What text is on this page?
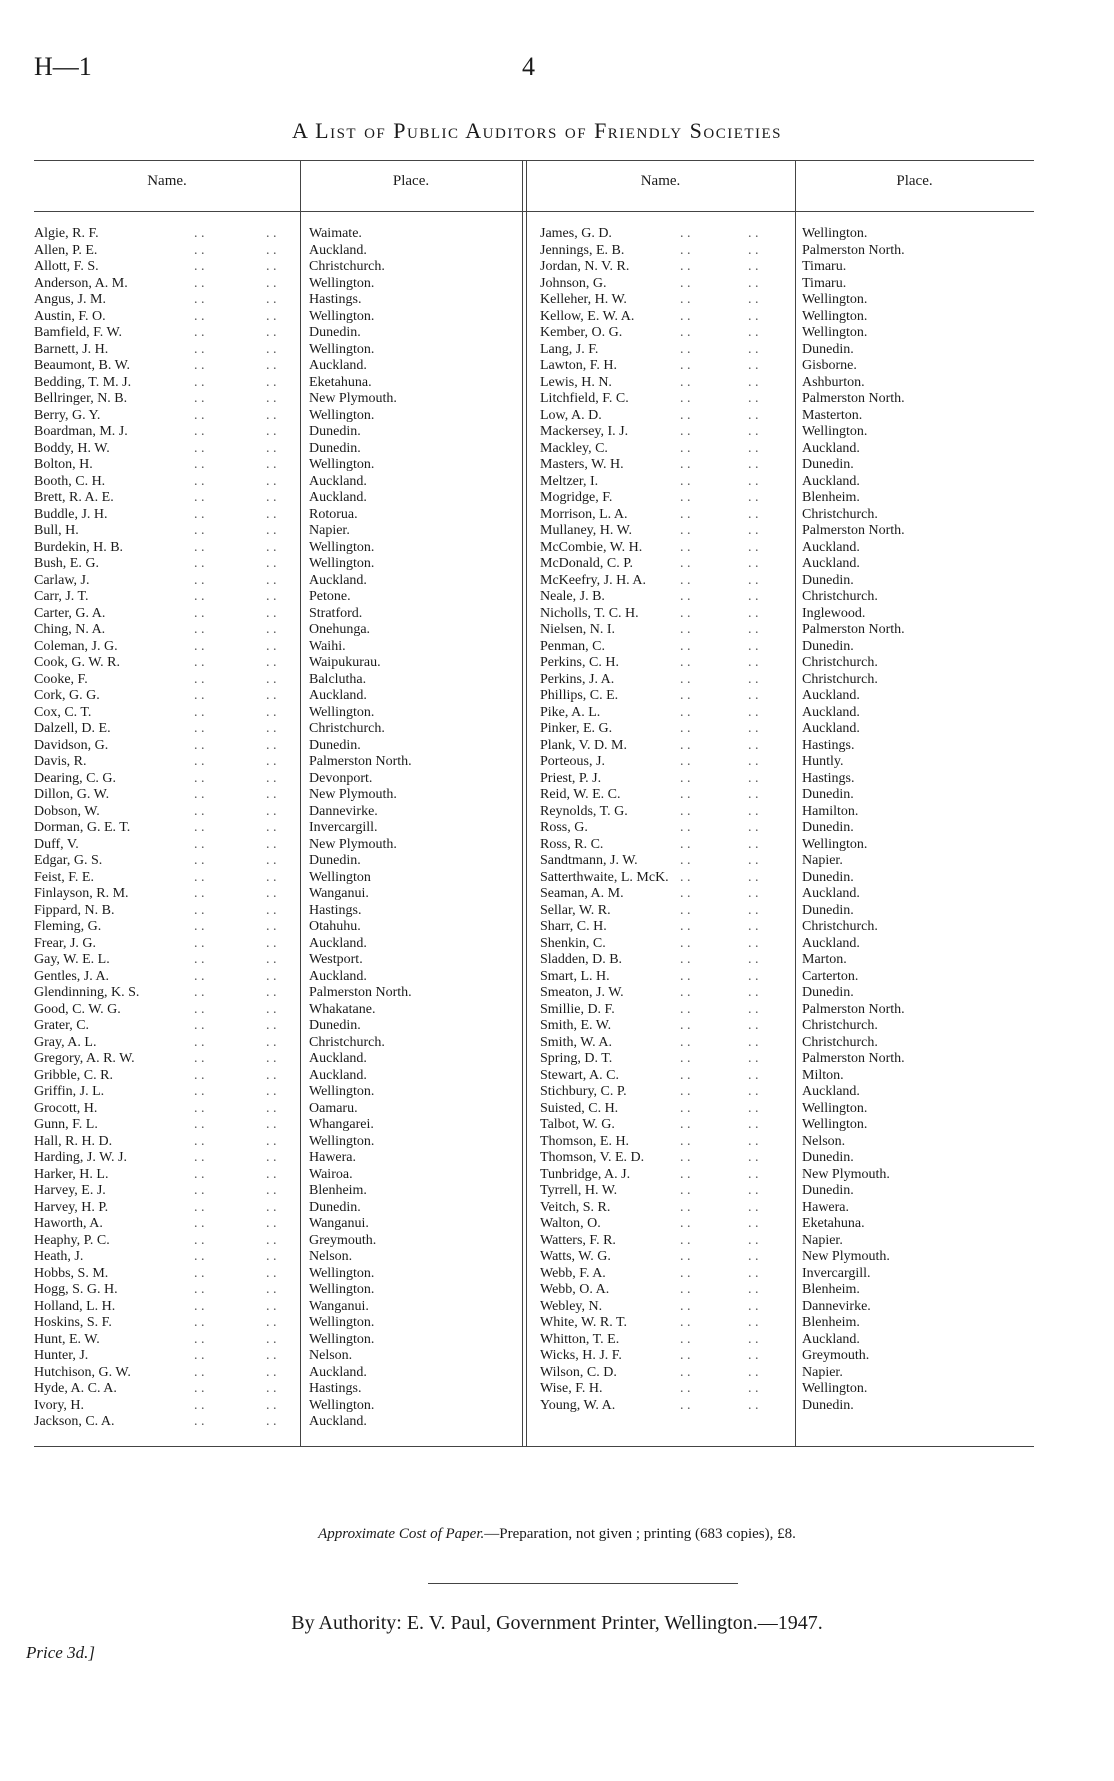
H—1	4
A List of Public Auditors of Friendly Societies
Name.	Place.	Name.	Place.
Algie, R. F.	. .	. . Waimate.
Allen, P. E.	. .	. . Auckland.
Allott, F. S.	. .	. . Christchurch.
Anderson, A. M.	. .	. . Wellington.
Angus, J. M.	. .	. . Hastings.
Austin, F. O.	. .	. . Wellington.
Bamfield, F. W.	. .	. . Dunedin.
Barnett, J. H.	. .	. . Wellington.
Beaumont, B. W.	. .	. . Auckland.
Bedding, T. M. J.	. .	. . Eketahuna.
Bellringer, N. B.	. .	. . New Plymouth.
Berry, G. Y.	. .	. . Wellington.
Boardman, M. J.	. .	. . Dunedin.
Boddy, H. W.	. .	. . Dunedin.
Bolton, H.	. .	. . Wellington.
Booth, C. H.	. .	. . Auckland.
Brett, R. A. E.	. .	. . Auckland.
Buddle, J. H.	. .	. . Rotorua.
Bull, H.	. .	. . Napier.
Burdekin, H. B.	. .	. . Wellington.
Bush, E. G.	. .	. . Wellington.
Carlaw, J.	. .	. . Auckland.
Carr, J. T.	. .	. . Petone.
Carter, G. A.	. .	. . Stratford.
Ching, N. A.	. .	. . Onehunga.
Coleman, J. G.	. .	. . Waihi.
Cook, G. W. R.	. .	. . Waipukurau.
Cooke, F.	. .	. . Balclutha.
Cork, G. G.	. .	. . Auckland.
Cox, C. T.	. .	. . Wellington.
Dalzell, D. E.	. .	. . Christchurch.
Davidson, G.	. .	. . Dunedin.
Davis, R.	. .	. . Palmerston North.
Dearing, C. G.	. .	. . Devonport.
Dillon, G. W.	. .	. . New Plymouth.
Dobson, W.	. .	. . Dannevirke.
Dorman, G. E. T.	. .	. . Invercargill.
Duff, V.	. .	. . New Plymouth.
Edgar, G. S.	. .	. . Dunedin.
Feist, F. E.	. .	. . Wellington
Finlayson, R. M.	. .	. . Wanganui.
Fippard, N. B.	. .	. . Hastings.
Fleming, G.	. .	. . Otahuhu.
Frear, J. G.	. .	. . Auckland.
Gay, W. E. L.	. .	. . Westport.
Gentles, J. A.	. .	. . Auckland.
Glendinning, K. S.	. .	. . Palmerston North.
Good, C. W. G.	. .	. . Whakatane.
Grater, C.	. .	. . Dunedin.
Gray, A. L.	. .	. . Christchurch.
Gregory, A. R. W.	. .	. . Auckland.
Gribble, C. R.	. .	. . Auckland.
Griffin, J. L.	. .	. . Wellington.
Grocott, H.	. .	. . Oamaru.
Gunn, F. L.	. .	. . Whangarei.
Hall, R. H. D.	. .	. . Wellington.
Harding, J. W. J.	. .	. . Hawera.
Harker, H. L.	. .	. . Wairoa.
Harvey, E. J.	. .	. . Blenheim.
Harvey, H. P.	. .	. . Dunedin.
Haworth, A.	. .	. . Wanganui.
Heaphy, P. C.	. .	. . Greymouth.
Heath, J.	. .	. . Nelson.
Hobbs, S. M.	. .	. . Wellington.
Hogg, S. G. H.	. .	. . Wellington.
Holland, L. H.	. .	. . Wanganui.
Hoskins, S. F.	. .	. . Wellington.
Hunt, E. W.	. .	. . Wellington.
Hunter, J.	. .	. . Nelson.
Hutchison, G. W.	. .	. . Auckland.
Hyde, A. C. A.	. .	. . Hastings.
Ivory, H.	. .	. . Wellington.
Jackson, C. A.	. .	. . Auckland.
James, G. D.	. .	. .	Wellington.
Jennings, E. B.	. .	. .	Palmerston North.
Jordan, N. V. R.	. .	. .	Timaru.
Johnson, G.	. .	. .	Timaru.
Kelleher, H. W.	. .	. .	Wellington.
Kellow, E. W. A.	. .	. .	Wellington.
Kember, O. G.	. .	. .	Wellington.
Lang, J. F.	. .	. .	Dunedin.
Lawton, F. H.	. .	. .	Gisborne.
Lewis, H. N.	. .	. .	Ashburton.
Litchfield, F. C.	. .	. .	Palmerston North.
Low, A. D.	. .	. .	Masterton.
Mackersey, I. J.	. .	. .	Wellington.
Mackley, C.	. .	. .	Auckland.
Masters, W. H.	. .	. .	Dunedin.
Meltzer, I.	. .	. .	Auckland.
Mogridge, F.	. .	. .	Blenheim.
Morrison, L. A.	. .	. .	Christchurch.
Mullaney, H. W.	. .	. .	Palmerston North.
McCombie, W. H.	. .	. .	Auckland.
McDonald, C. P.	. .	. .	Auckland.
McKeefry, J. H. A. . .	. .	Dunedin.
Neale, J. B.	. .	. .	Christchurch.
Nicholls, T. C. H.	. .	. .	Inglewood.
Nielsen, N. I.	. .	. .	Palmerston North.
Penman, C.	. .	. .	Dunedin.
Perkins, C. H.	. .	. .	Christchurch.
Perkins, J. A.	. .	. .	Christchurch.
Phillips, C. E.	. .	. .	Auckland.
Pike, A. L.	. .	. .	Auckland.
Pinker, E. G.	. .	. .	Auckland.
Plank, V. D. M.	. .	. .	Hastings.
Porteous, J.	. .	. .	Huntly.
Priest, P. J.	. .	. .	Hastings.
Reid, W. E. C.	. .	. .	Dunedin.
Reynolds, T. G.	. .	. .	Hamilton.
Ross, G.	. .	. .	Dunedin.
Ross, R. C.	. .	. .	Wellington.
Sandtmann, J. W.	. .	. .	Napier.
Satterthwaite, L. McK. . .	. .	Dunedin.
Seaman, A. M.	. .	. .	Auckland.
Sellar, W. R.	. .	. .	Dunedin.
Sharr, C. H.	. .	. .	Christchurch.
Shenkin, C.	. .	. .	Auckland.
Sladden, D. B.	. .	. .	Marton.
Smart, L. H.	. .	. .	Carterton.
Smeaton, J. W.	. .	. .	Dunedin.
Smillie, D. F.	. .	. .	Palmerston North.
Smith, E. W.	. .	. .	Christchurch.
Smith, W. A.	. .	. .	Christchurch.
Spring, D. T.	. .	. .	Palmerston North.
Stewart, A. C.	. .	. .	Milton.
Stichbury, C. P.	. .	. .	Auckland.
Suisted, C. H.	. .	. .	Wellington.
Talbot, W. G.	. .	. .	Wellington.
Thomson, E. H.	. .	. .	Nelson.
Thomson, V. E. D.	. .	. .	Dunedin.
Tunbridge, A. J.	. .	. .	New Plymouth.
Tyrrell, H. W.	. .	. .	Dunedin.
Veitch, S. R.	. .	. .	Hawera.
Walton, O.	. .	. .	Eketahuna.
Watters, F. R.	. .	. .	Napier.
Watts, W. G.	. .	. .	New Plymouth.
Webb, F. A.	. .	. .	Invercargill.
Webb, O. A.	. .	. .	Blenheim.
Webley, N.	. .	. .	Dannevirke.
White, W. R. T.	. .	. .	Blenheim.
Whitton, T. E.	. .	. .	Auckland.
Wicks, H. J. F.	. .	. .	Greymouth.
Wilson, C. D.	. .	. .	Napier.
Wise, F. H.	. .	. .	Wellington.
Young, W. A.	. .	. .	Dunedin.
Approximate Cost of Paper.—Preparation, not given ; printing (683 copies), £8.
By Authority: E. V. Paul, Government Printer, Wellington.—1947.
Price 3d.]
